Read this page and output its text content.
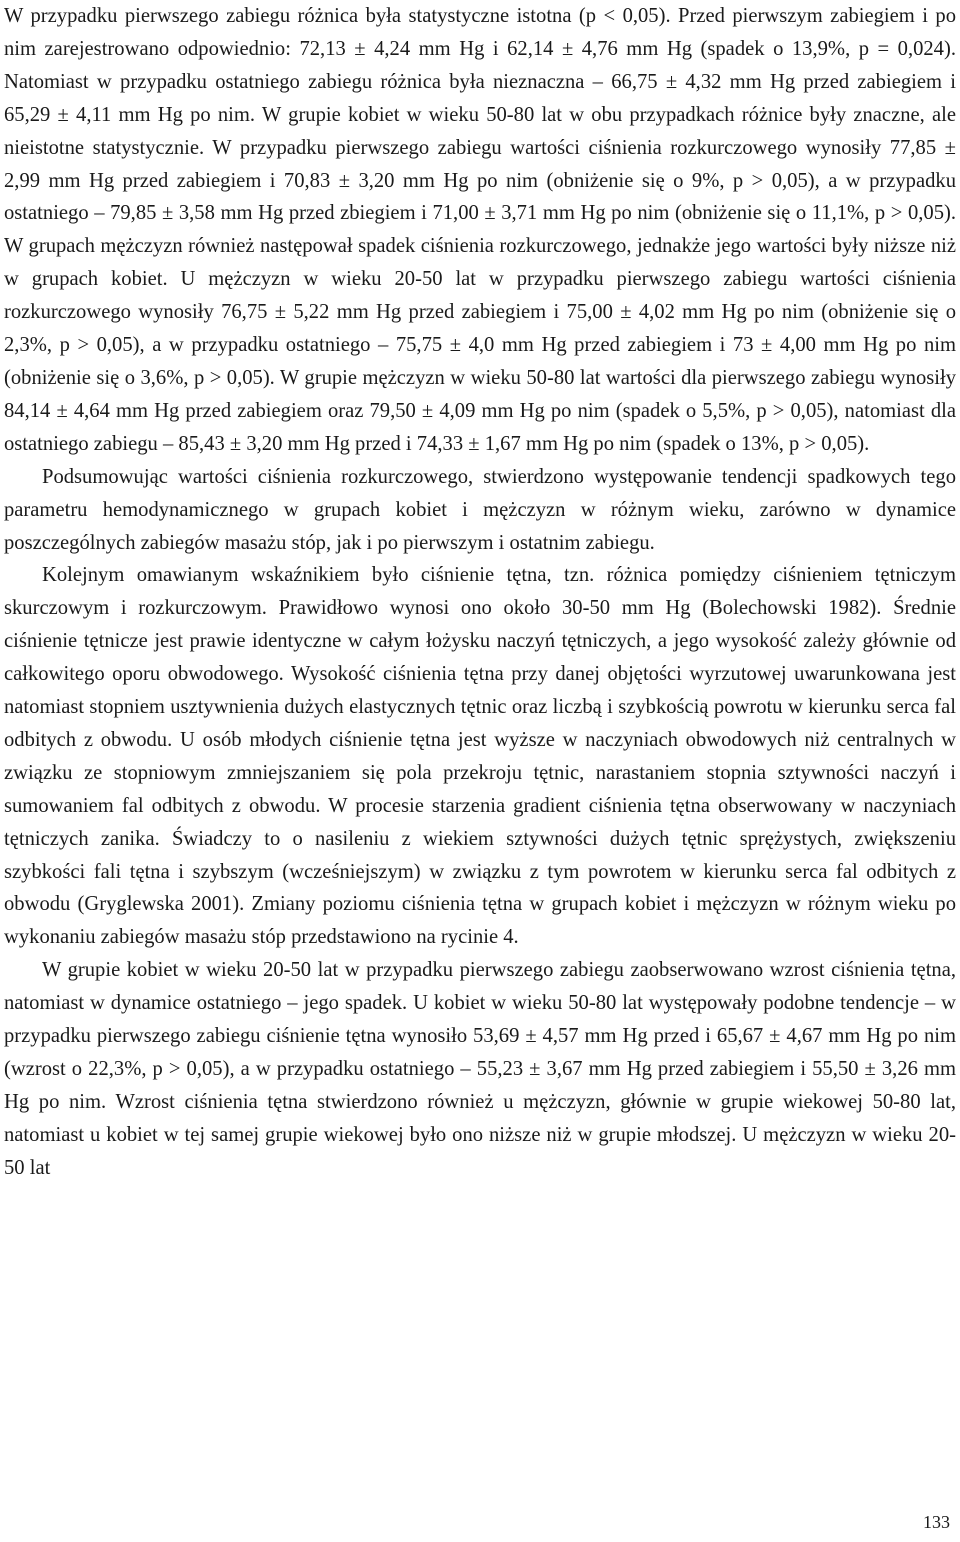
W przypadku pierwszego zabiegu różnica była statystyczne istotna (p < 0,05). Przed pierwszym zabiegiem i po nim zarejestrowano odpowiednio: 72,13 ± 4,24 mm Hg i 62,14 ± 4,76 mm Hg (spadek o 13,9%, p = 0,024). Natomiast w przypadku ostatniego zabiegu różnica była nieznaczna – 66,75 ± 4,32 mm Hg przed zabiegiem i 65,29 ± 4,11 mm Hg po nim. W grupie kobiet w wieku 50-80 lat w obu przypadkach różnice były znaczne, ale nieistotne statystycznie. W przypadku pierwszego zabiegu wartości ciśnienia rozkurczowego wynosiły 77,85 ± 2,99 mm Hg przed zabiegiem i 70,83 ± 3,20 mm Hg po nim (obniżenie się o 9%, p > 0,05), a w przypadku ostatniego – 79,85 ± 3,58 mm Hg przed zbiegiem i 71,00 ± 3,71 mm Hg po nim (obniżenie się o 11,1%, p > 0,05). W grupach mężczyzn również następował spadek ciśnienia rozkurczowego, jednakże jego wartości były niższe niż w grupach kobiet. U mężczyzn w wieku 20-50 lat w przypadku pierwszego zabiegu wartości ciśnienia rozkurczowego wynosiły 76,75 ± 5,22 mm Hg przed zabiegiem i 75,00 ± 4,02 mm Hg po nim (obniżenie się o 2,3%, p > 0,05), a w przypadku ostatniego – 75,75 ± 4,0 mm Hg przed zabiegiem i 73 ± 4,00 mm Hg po nim (obniżenie się o 3,6%, p > 0,05). W grupie mężczyzn w wieku 50-80 lat wartości dla pierwszego zabiegu wynosiły 84,14 ± 4,64 mm Hg przed zabiegiem oraz 79,50 ± 4,09 mm Hg po nim (spadek o 5,5%, p > 0,05), natomiast dla ostatniego zabiegu – 85,43 ± 3,20 mm Hg przed i 74,33 ± 1,67 mm Hg po nim (spadek o 13%, p > 0,05).

Podsumowując wartości ciśnienia rozkurczowego, stwierdzono występowanie tendencji spadkowych tego parametru hemodynamicznego w grupach kobiet i mężczyzn w różnym wieku, zarówno w dynamice poszczególnych zabiegów masażu stóp, jak i po pierwszym i ostatnim zabiegu.

Kolejnym omawianym wskaźnikiem było ciśnienie tętna, tzn. różnica pomiędzy ciśnieniem tętniczym skurczowym i rozkurczowym. Prawidłowo wynosi ono około 30-50 mm Hg (Bolechowski 1982). Średnie ciśnienie tętnicze jest prawie identyczne w całym łożysku naczyń tętniczych, a jego wysokość zależy głównie od całkowitego oporu obwodowego. Wysokość ciśnienia tętna przy danej objętości wyrzutowej uwarunkowana jest natomiast stopniem usztywnienia dużych elastycznych tętnic oraz liczbą i szybkością powrotu w kierunku serca fal odbitych z obwodu. U osób młodych ciśnienie tętna jest wyższe w naczyniach obwodowych niż centralnych w związku ze stopniowym zmniejszaniem się pola przekroju tętnic, narastaniem stopnia sztywności naczyń i sumowaniem fal odbitych z obwodu. W procesie starzenia gradient ciśnienia tętna obserwowany w naczyniach tętniczych zanika. Świadczy to o nasileniu z wiekiem sztywności dużych tętnic sprężystych, zwiększeniu szybkości fali tętna i szybszym (wcześniejszym) w związku z tym powrotem w kierunku serca fal odbitych z obwodu (Gryglewska 2001). Zmiany poziomu ciśnienia tętna w grupach kobiet i mężczyzn w różnym wieku po wykonaniu zabiegów masażu stóp przedstawiono na rycinie 4.

W grupie kobiet w wieku 20-50 lat w przypadku pierwszego zabiegu zaobserwowano wzrost ciśnienia tętna, natomiast w dynamice ostatniego – jego spadek. U kobiet w wieku 50-80 lat występowały podobne tendencje – w przypadku pierwszego zabiegu ciśnienie tętna wynosiło 53,69 ± 4,57 mm Hg przed i 65,67 ± 4,67 mm Hg po nim (wzrost o 22,3%, p > 0,05), a w przypadku ostatniego – 55,23 ± 3,67 mm Hg przed zabiegiem i 55,50 ± 3,26 mm Hg po nim. Wzrost ciśnienia tętna stwierdzono również u mężczyzn, głównie w grupie wiekowej 50-80 lat, natomiast u kobiet w tej samej grupie wiekowej było ono niższe niż w grupie młodszej. U mężczyzn w wieku 20-50 lat

133
